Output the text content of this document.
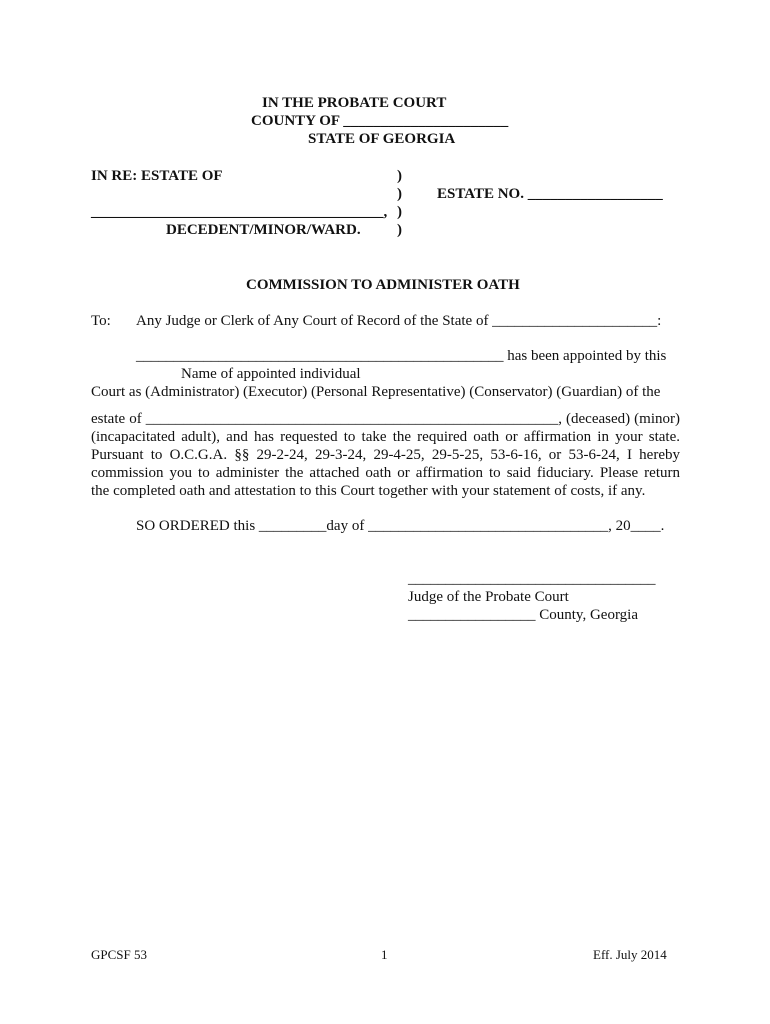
IN THE PROBATE COURT
COUNTY OF ______________________
STATE OF GEORGIA
IN RE: ESTATE OF	)
) ESTATE NO. __________________
_______________________________________, )
DECEDENT/MINOR/WARD. )
COMMISSION TO ADMINISTER OATH
To: Any Judge or Clerk of Any Court of Record of the State of ______________________:
_________________________________________________ has been appointed by this
Name of appointed individual
Court as (Administrator) (Executor) (Personal Representative) (Conservator) (Guardian) of the
estate of _______________________________________________________, (deceased) (minor)
(incapacitated adult), and has requested to take the required oath or affirmation in your state.
Pursuant to O.C.G.A. §§ 29-2-24, 29-3-24, 29-4-25, 29-5-25, 53-6-16, or 53-6-24, I hereby
commission you to administer the attached oath or affirmation to said fiduciary. Please return
the completed oath and attestation to this Court together with your statement of costs, if any.
SO ORDERED this _________day of ________________________________, 20____.
_________________________________
Judge of the Probate Court
_________________ County, Georgia
GPCSF 53	1	Eff. July 2014
